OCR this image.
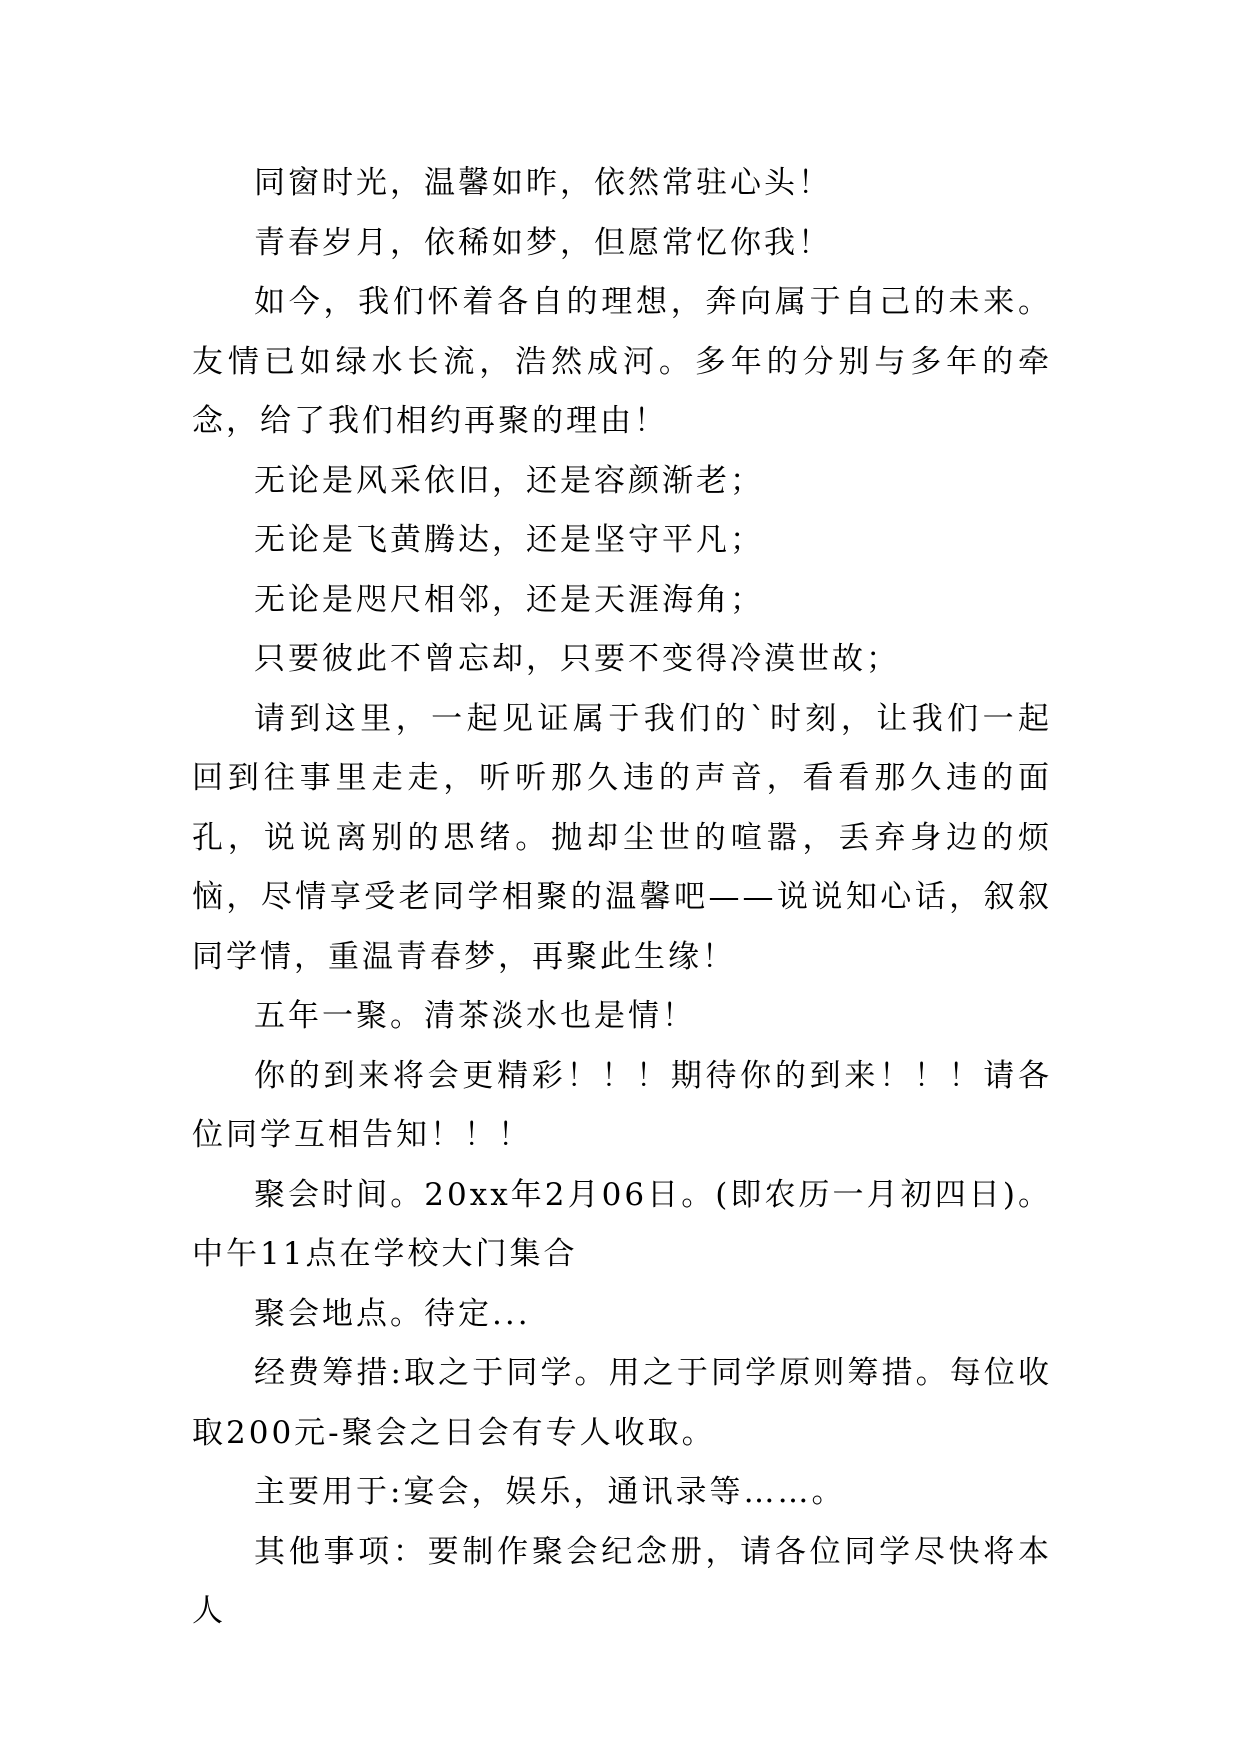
同窗时光，温馨如昨，依然常驻心头！

青春岁月，依稀如梦，但愿常忆你我！

如今，我们怀着各自的理想，奔向属于自己的未来。友情已如绿水长流，浩然成河。多年的分别与多年的牵念，给了我们相约再聚的理由！

无论是风采依旧，还是容颜渐老；

无论是飞黄腾达，还是坚守平凡；

无论是咫尺相邻，还是天涯海角；

只要彼此不曾忘却，只要不变得冷漠世故；

请到这里，一起见证属于我们的`时刻，让我们一起回到往事里走走，听听那久违的声音，看看那久违的面孔，说说离别的思绪。抛却尘世的喧嚣，丢弃身边的烦恼，尽情享受老同学相聚的温馨吧——说说知心话，叙叙同学情，重温青春梦，再聚此生缘！

五年一聚。清茶淡水也是情！

你的到来将会更精彩！！！期待你的到来！！！请各位同学互相告知！！！

聚会时间。20xx年2月06日。(即农历一月初四日)。中午11点在学校大门集合

聚会地点。待定...

经费筹措:取之于同学。用之于同学原则筹措。每位收取200元-聚会之日会有专人收取。

主要用于:宴会，娱乐，通讯录等……。

其他事项：要制作聚会纪念册，请各位同学尽快将本人
